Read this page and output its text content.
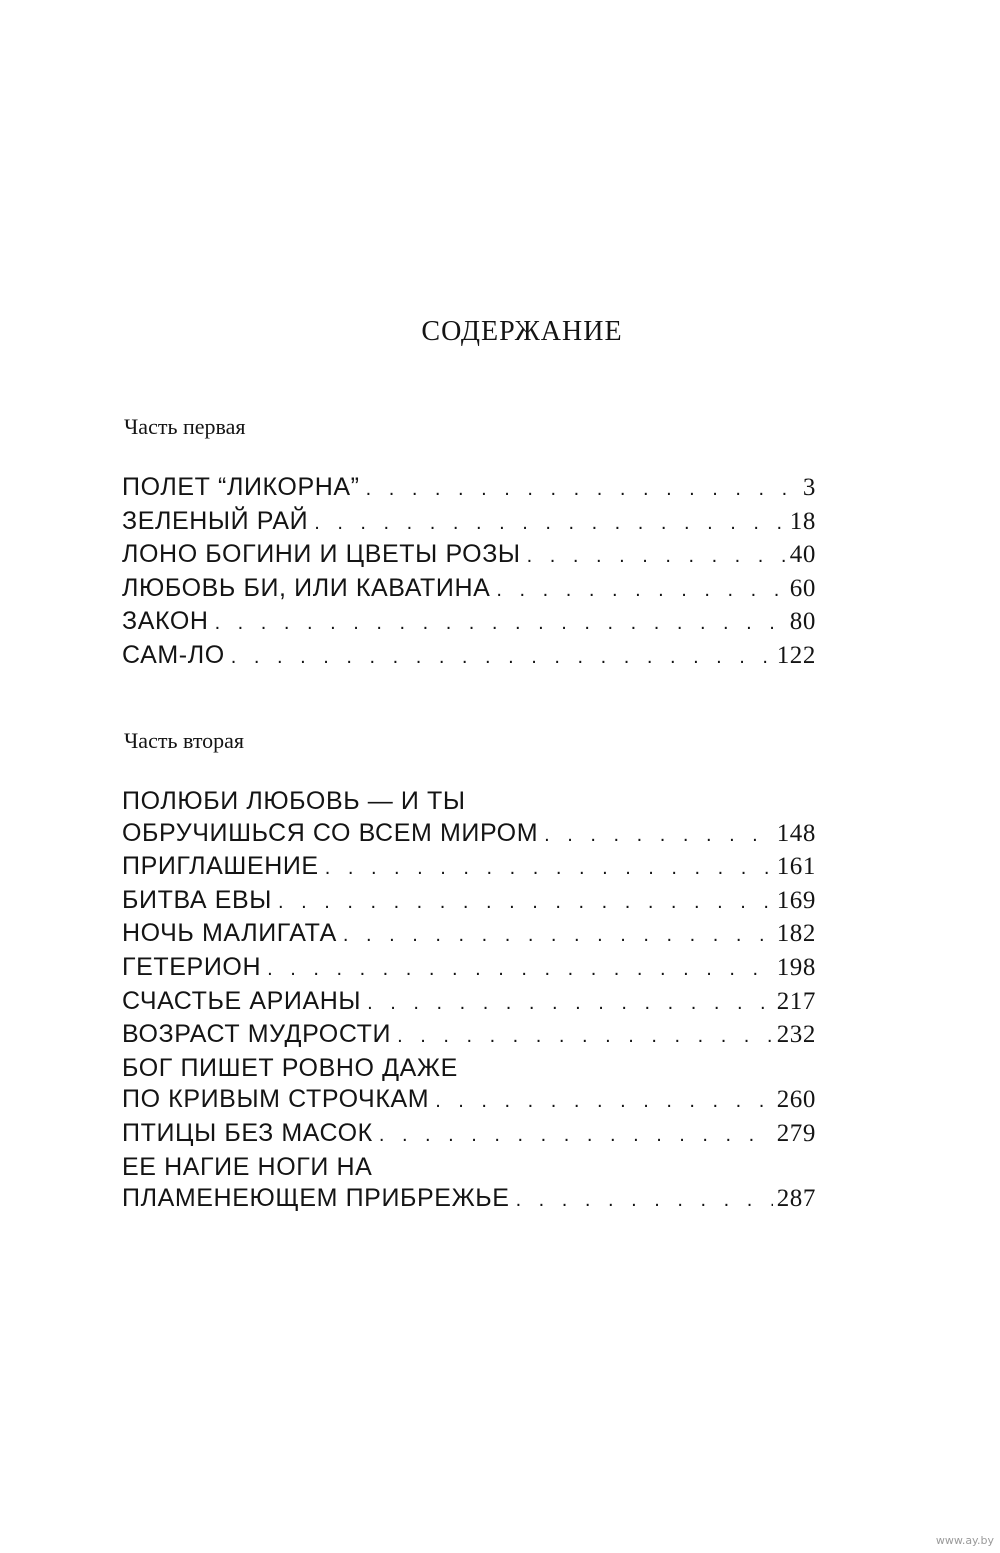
СОДЕРЖАНИЕ
Часть первая
ПОЛЕТ “ЛИКОРНА” . . .	3
ЗЕЛЕНЫЙ РАЙ . . .	18
ЛОНО БОГИНИ И ЦВЕТЫ РОЗЫ . . .	40
ЛЮБОВЬ БИ, ИЛИ КАВАТИНА . . .	60
ЗАКОН . . .	80
САМ-ЛО . . .	122
Часть вторая
ПОЛЮБИ ЛЮБОВЬ — И ТЫ
ОБРУЧИШЬСЯ СО ВСЕМ МИРОМ . . .	148
ПРИГЛАШЕНИЕ . . .	161
БИТВА ЕВЫ . . .	169
НОЧЬ МАЛИГАТА . . .	182
ГЕТЕРИОН . . .	198
СЧАСТЬЕ АРИАНЫ . . .	217
ВОЗРАСТ МУДРОСТИ . . .	232
БОГ ПИШЕТ РОВНО ДАЖЕ
ПО КРИВЫМ СТРОЧКАМ . . .	260
ПТИЦЫ БЕЗ МАСОК . . .	279
ЕЕ НАГИЕ НОГИ НА
ПЛАМЕНЕЮЩЕМ ПРИБРЕЖЬЕ . . .	287
www.ay.by
